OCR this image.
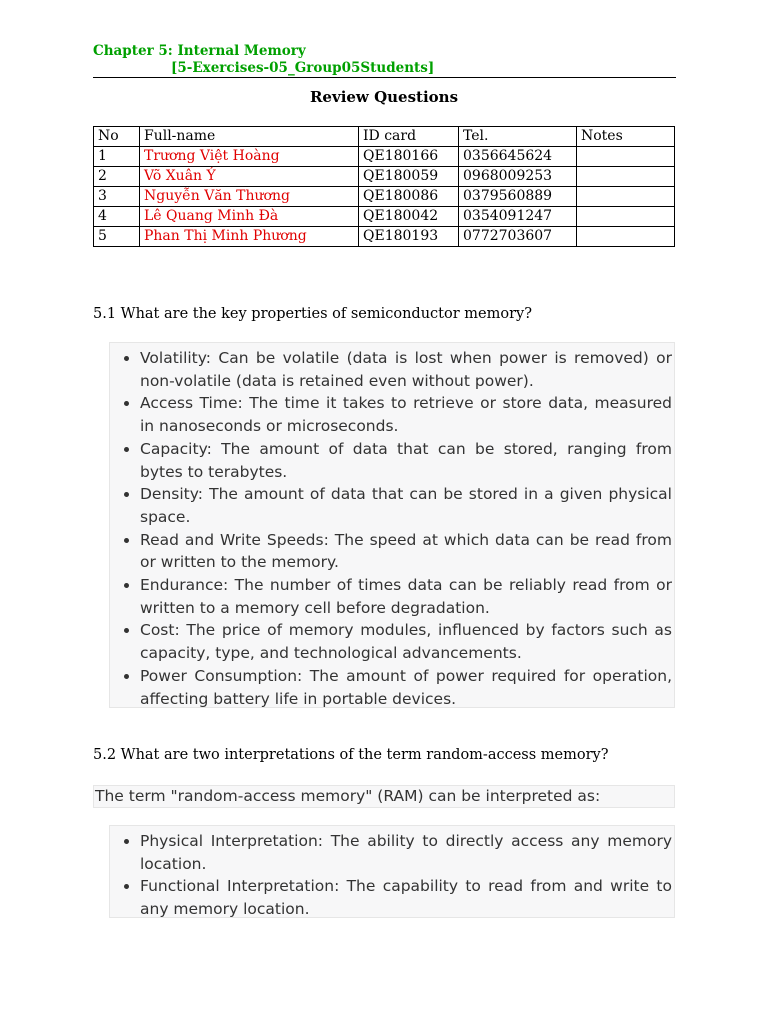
Chapter 5: Internal Memory
[5-Exercises-05_Group05Students]
Review Questions
No	Full-name	ID card	Tel.	Notes
1	Trương Việt Hoàng	QE180166	0356645624	
2	Võ Xuân Ý	QE180059	0968009253	
3	Nguyễn Văn Thương	QE180086	0379560889	
4	Lê Quang Minh Đà	QE180042	0354091247	
5	Phan Thị Minh Phương	QE180193	0772703607	
5.1 What are the key properties of semiconductor memory?
• Volatility: Can be volatile (data is lost when power is removed) or non-volatile (data is retained even without power).
• Access Time: The time it takes to retrieve or store data, measured in nanoseconds or microseconds.
• Capacity: The amount of data that can be stored, ranging from bytes to terabytes.
• Density: The amount of data that can be stored in a given physical space.
• Read and Write Speeds: The speed at which data can be read from or written to the memory.
• Endurance: The number of times data can be reliably read from or written to a memory cell before degradation.
• Cost: The price of memory modules, influenced by factors such as capacity, type, and technological advancements.
• Power Consumption: The amount of power required for operation, affecting battery life in portable devices.
5.2 What are two interpretations of the term random-access memory?
The term "random-access memory" (RAM) can be interpreted as:
• Physical Interpretation: The ability to directly access any memory location.
• Functional Interpretation: The capability to read from and write to any memory location.
